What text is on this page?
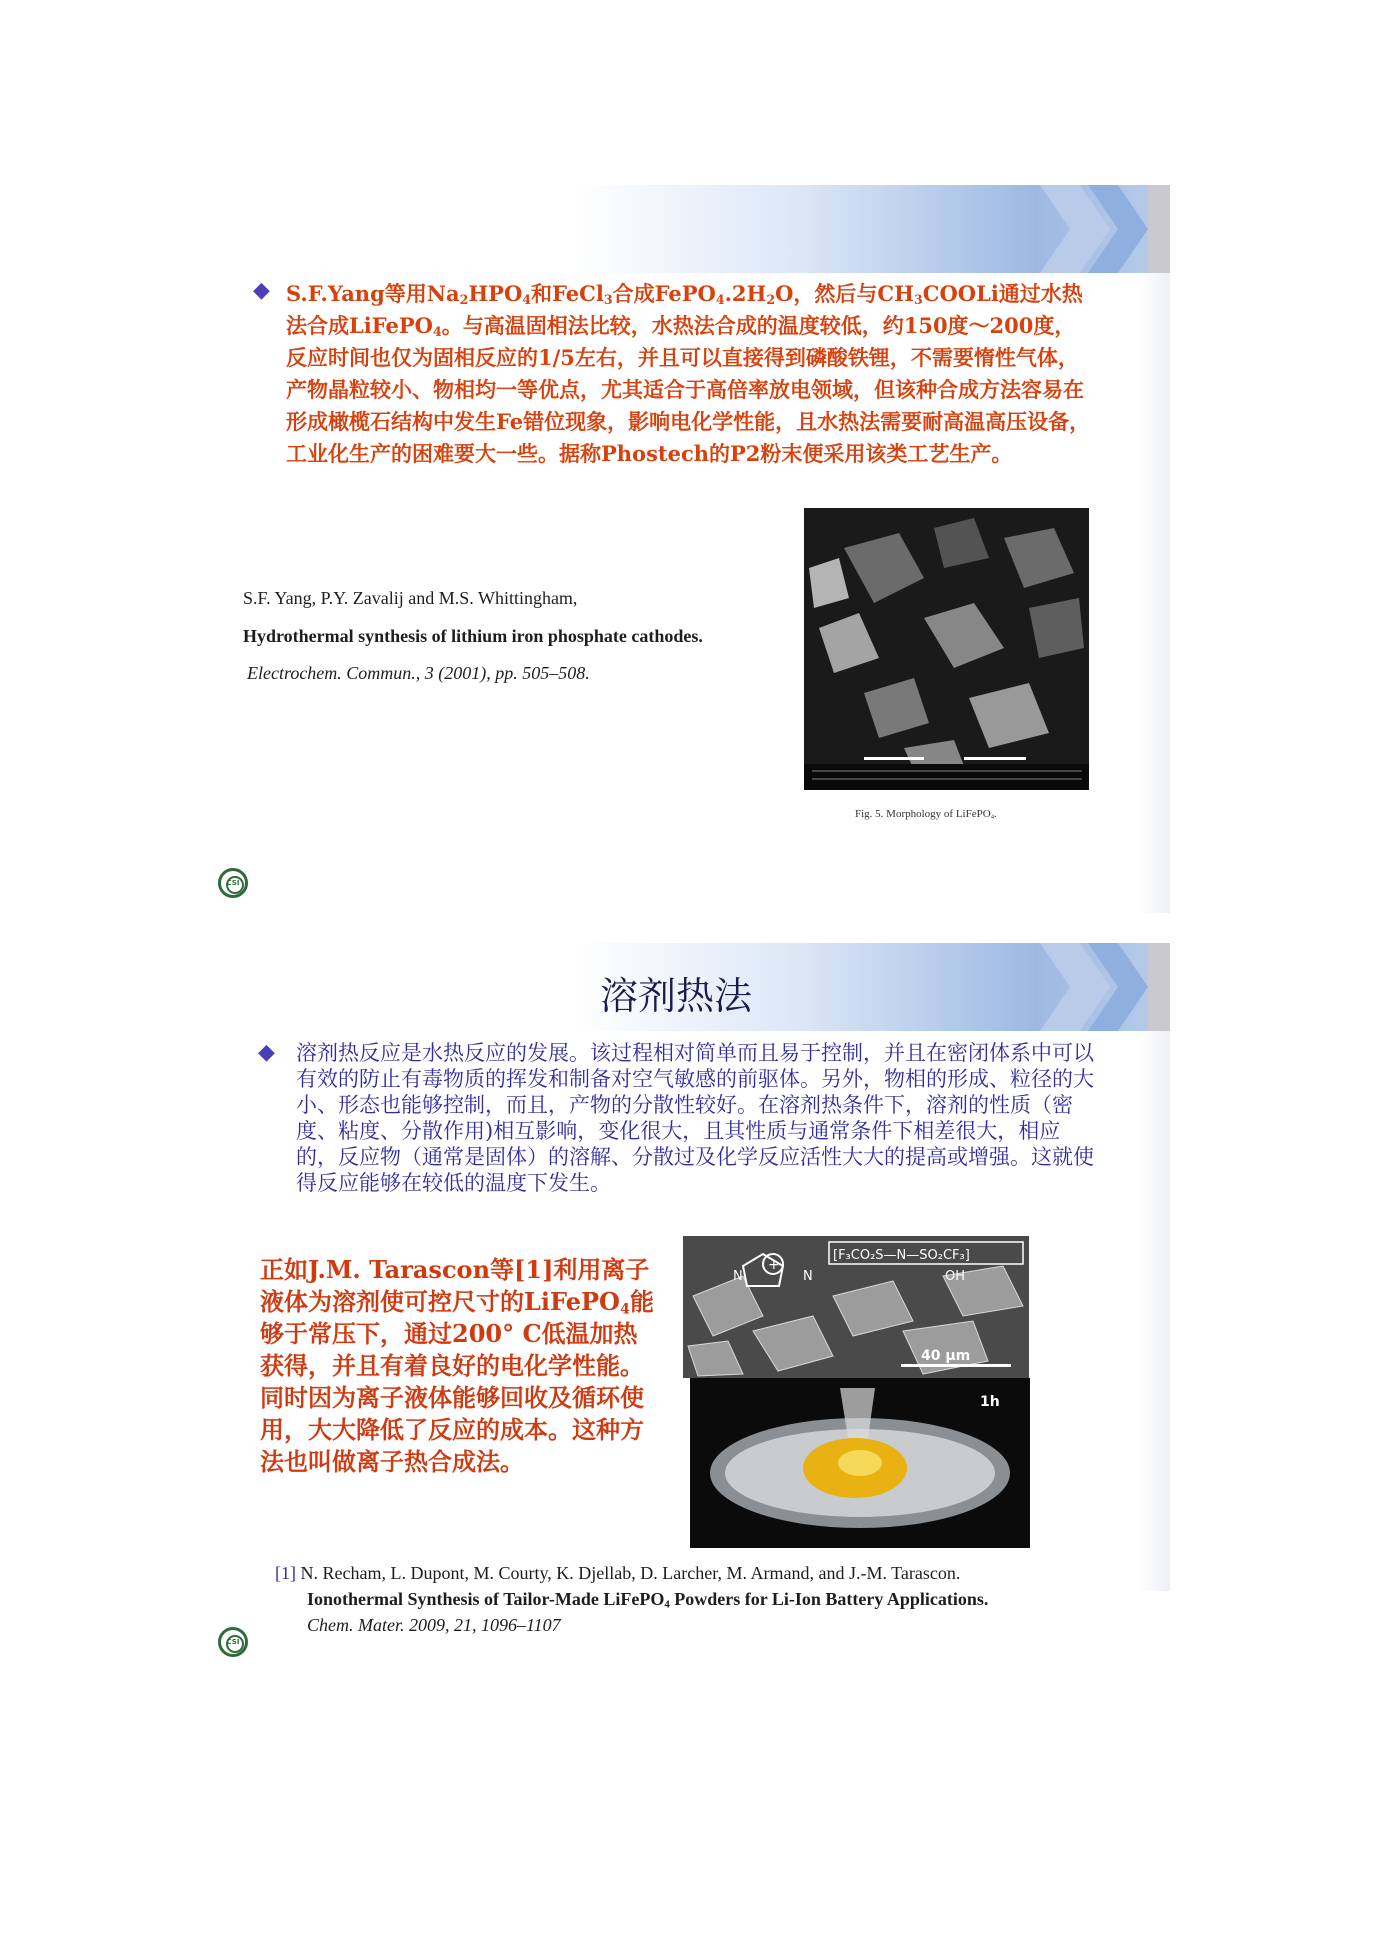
◆ S.F.Yang等用$Na_2HPO_4$和FeCl$_3$合成$FePO_4.2H_2O$，然后与$CH_3COOLi$通过水热法合成LiFePO$_4$。与高温固相法比较，水热法合成的温度较低，约150度～200度，反应时间也仅为固相反应的1/5左右，并且可以直接得到磷酸铁锂，不需要惰性气体，产物晶粒较小、物相均一等优点，尤其适合于高倍率放电领域，但该种合成方法容易在形成橄榄石结构中发生Fe错位现象，影响电化学性能，且水热法需要耐高温高压设备，工业化生产的困难要大一些。据称Phostech的P2粉末便采用该类工艺生产。
S.F. Yang, P.Y. Zavalij and M.S. Whittingham,
Hydrothermal synthesis of lithium iron phosphate cathodes.
Electrochem. Commun., 3 (2001), pp. 505–508.
Fig. 5. Morphology of LiFePO$_4$.
CSI
溶剂热法
◆ 溶剂热反应是水热反应的发展。该过程相对简单而且易于控制，并且在密闭体系中可以有效的防止有毒物质的挥发和制备对空气敏感的前驱体。另外，物相的形成、粒径的大小、形态也能够控制，而且，产物的分散性较好。在溶剂热条件下，溶剂的性质（密度、粘度、分散作用)相互影响，变化很大，且其性质与通常条件下相差很大，相应的，反应物（通常是固体）的溶解、分散过及化学反应活性大大的提高或增强。这就使得反应能够在较低的温度下发生。
正如J.M. Tarascon等[1]利用离子液体为溶剂使可控尺寸的LiFePO$_4$能够于常压下，通过200° C低温加热获得，并且有着良好的电化学性能。同时因为离子液体能够回收及循环使用，大大降低了反应的成本。这种方法也叫做离子热合成法。
+
N	N
[F₃CO₂S—N—SO₂CF₃]
OH
40 µm
1h
[1] N. Recham, L. Dupont, M. Courty, K. Djellab, D. Larcher, M. Armand, and J.-M. Tarascon.
Ionothermal Synthesis of Tailor-Made LiFePO$_4$ Powders for Li-Ion Battery Applications.
Chem. Mater. 2009, 21, 1096–1107
CSI
